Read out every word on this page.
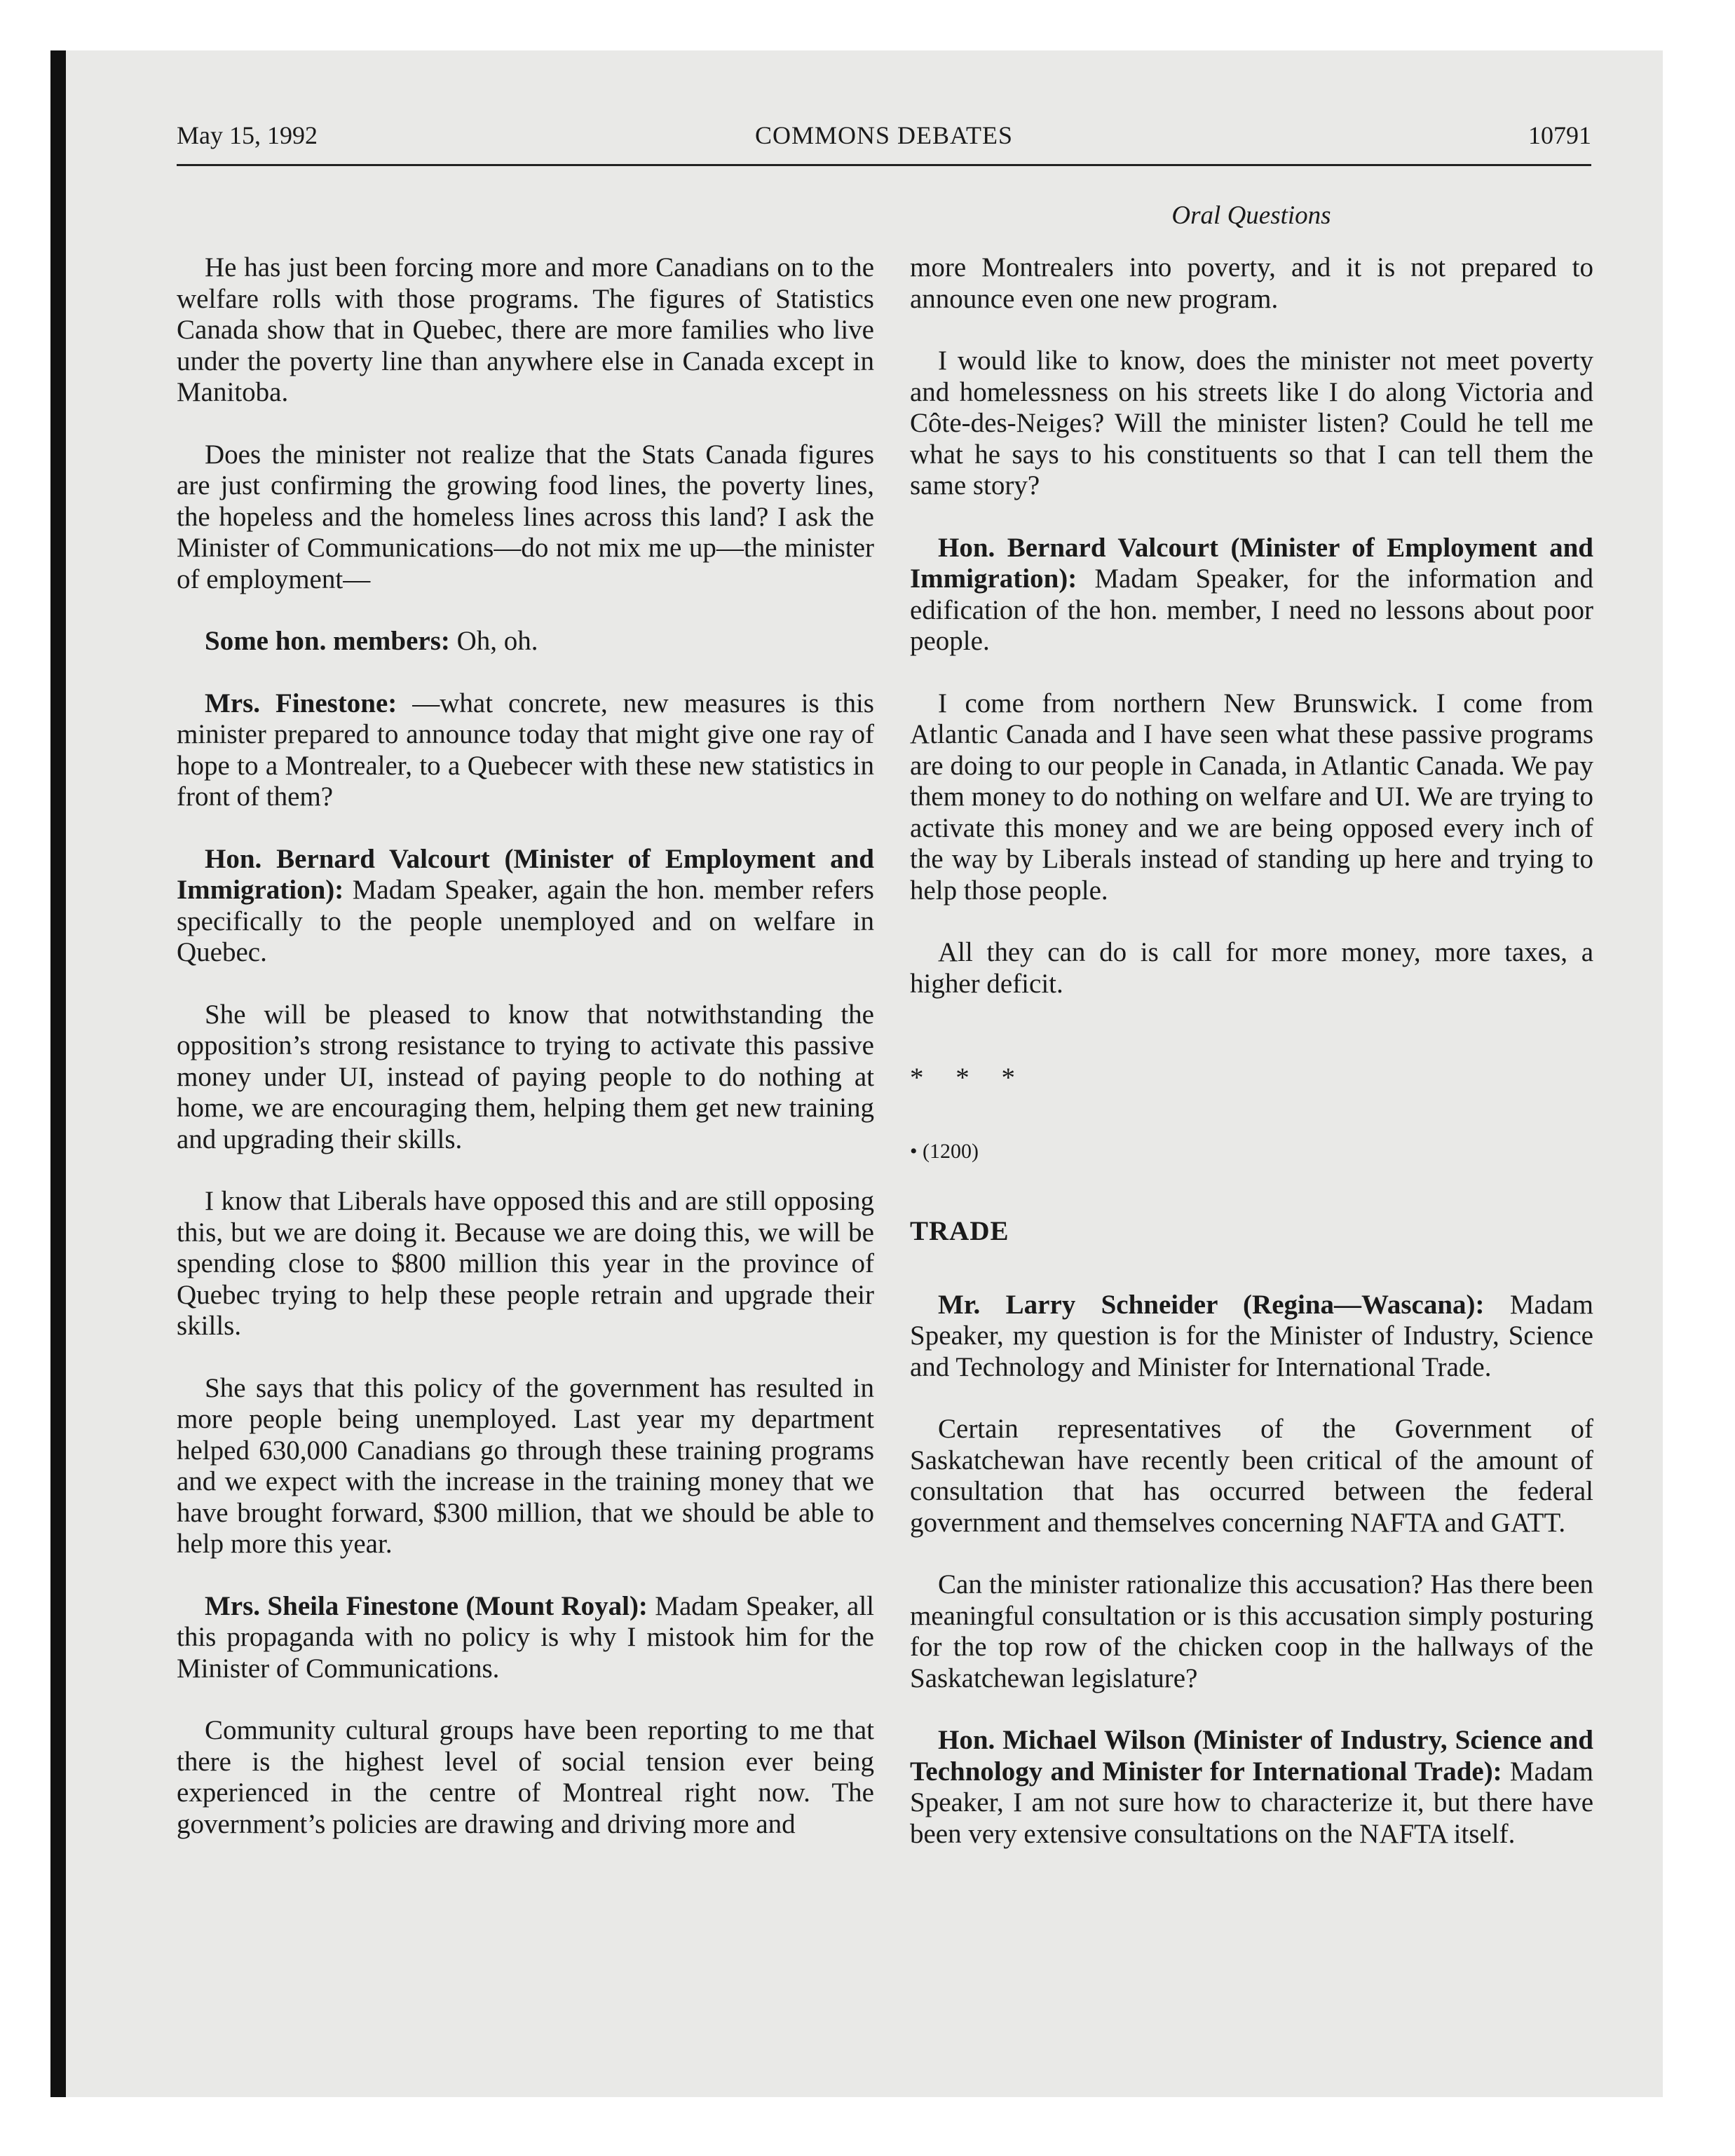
COMMONS DEBATES
May 15, 1992	10791
Oral Questions

He has just been forcing more and more Canadians on to the welfare rolls with those programs. The figures of Statistics Canada show that in Quebec, there are more families who live under the poverty line than anywhere else in Canada except in Manitoba.

Does the minister not realize that the Stats Canada figures are just confirming the growing food lines, the poverty lines, the hopeless and the homeless lines across this land? I ask the Minister of Communications—do not mix me up—the minister of employment—

Some hon. members: Oh, oh.

Mrs. Finestone: —what concrete, new measures is this minister prepared to announce today that might give one ray of hope to a Montrealer, to a Quebecer with these new statistics in front of them?

Hon. Bernard Valcourt (Minister of Employment and Immigration): Madam Speaker, again the hon. member refers specifically to the people unemployed and on welfare in Quebec.

She will be pleased to know that notwithstanding the opposition’s strong resistance to trying to activate this passive money under UI, instead of paying people to do nothing at home, we are encouraging them, helping them get new training and upgrading their skills.

I know that Liberals have opposed this and are still opposing this, but we are doing it. Because we are doing this, we will be spending close to $800 million this year in the province of Quebec trying to help these people retrain and upgrade their skills.

She says that this policy of the government has resulted in more people being unemployed. Last year my department helped 630,000 Canadians go through these training programs and we expect with the increase in the training money that we have brought forward, $300 million, that we should be able to help more this year.

Mrs. Sheila Finestone (Mount Royal): Madam Speaker, all this propaganda with no policy is why I mistook him for the Minister of Communications.

Community cultural groups have been reporting to me that there is the highest level of social tension ever being experienced in the centre of Montreal right now. The government’s policies are drawing and driving more and

more Montrealers into poverty, and it is not prepared to announce even one new program.

I would like to know, does the minister not meet poverty and homelessness on his streets like I do along Victoria and Côte-des-Neiges? Will the minister listen? Could he tell me what he says to his constituents so that I can tell them the same story?

Hon. Bernard Valcourt (Minister of Employment and Immigration): Madam Speaker, for the information and edification of the hon. member, I need no lessons about poor people.

I come from northern New Brunswick. I come from Atlantic Canada and I have seen what these passive programs are doing to our people in Canada, in Atlantic Canada. We pay them money to do nothing on welfare and UI. We are trying to activate this money and we are being opposed every inch of the way by Liberals instead of standing up here and trying to help those people.

All they can do is call for more money, more taxes, a higher deficit.

* * *

• (1200)

TRADE

Mr. Larry Schneider (Regina—Wascana): Madam Speaker, my question is for the Minister of Industry, Science and Technology and Minister for International Trade.

Certain representatives of the Government of Saskatchewan have recently been critical of the amount of consultation that has occurred between the federal government and themselves concerning NAFTA and GATT.

Can the minister rationalize this accusation? Has there been meaningful consultation or is this accusation simply posturing for the top row of the chicken coop in the hallways of the Saskatchewan legislature?

Hon. Michael Wilson (Minister of Industry, Science and Technology and Minister for International Trade): Madam Speaker, I am not sure how to characterize it, but there have been very extensive consultations on the NAFTA itself.
